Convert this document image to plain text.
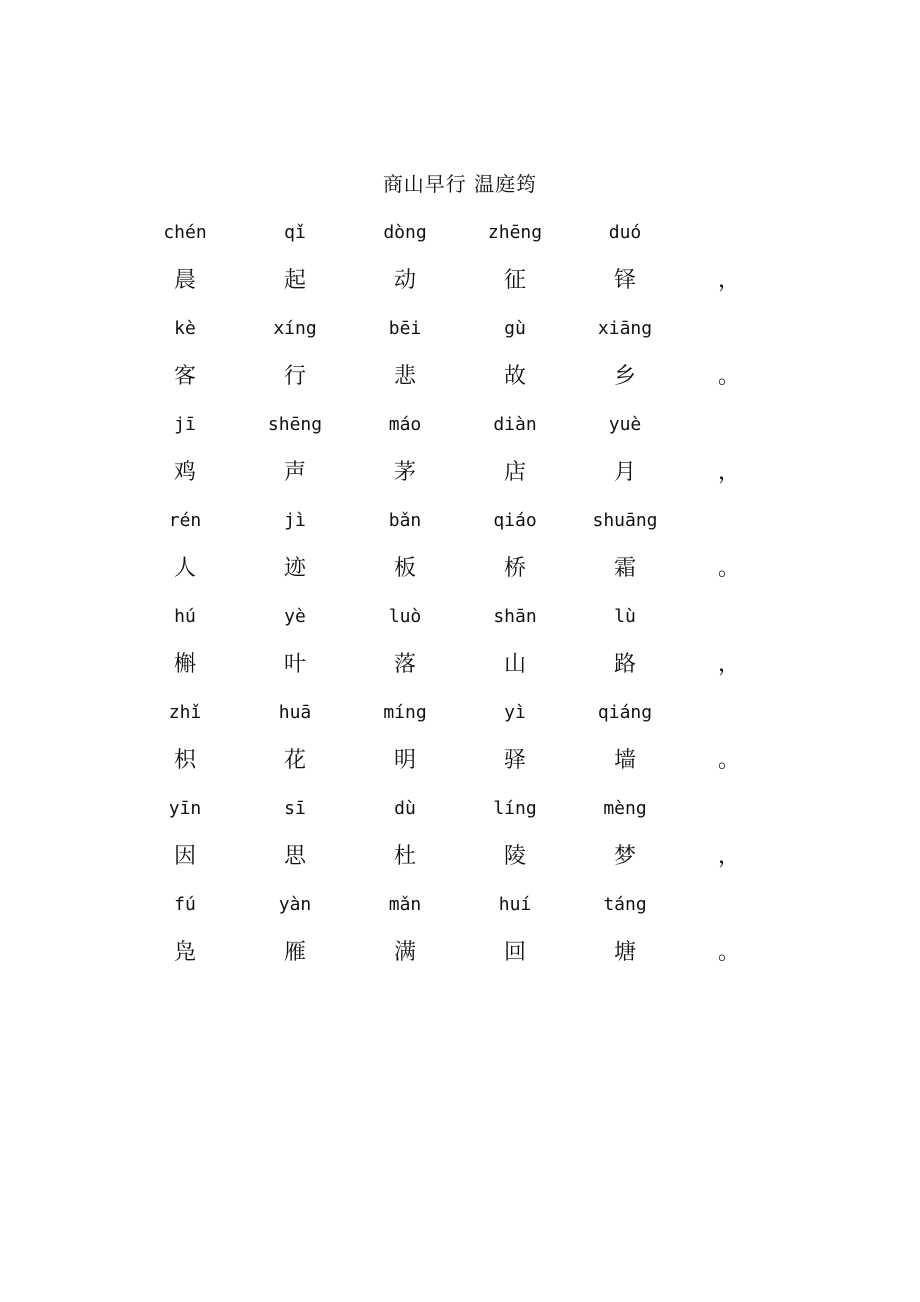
商山早行 温庭筠
chén	qǐ	dòng	zhēng	duó
晨	起	动	征	铎	，
kè	xíng	bēi	gù	xiāng
客	行	悲	故	乡	。
jī	shēng	máo	diàn	yuè
鸡	声	茅	店	月	，
rén	jì	bǎn	qiáo	shuāng
人	迹	板	桥	霜	。
hú	yè	luò	shān	lù
槲	叶	落	山	路	，
zhǐ	huā	míng	yì	qiáng
枳	花	明	驿	墙	。
yīn	sī	dù	líng	mèng
因	思	杜	陵	梦	，
fú	yàn	mǎn	huí	táng
凫	雁	满	回	塘	。
